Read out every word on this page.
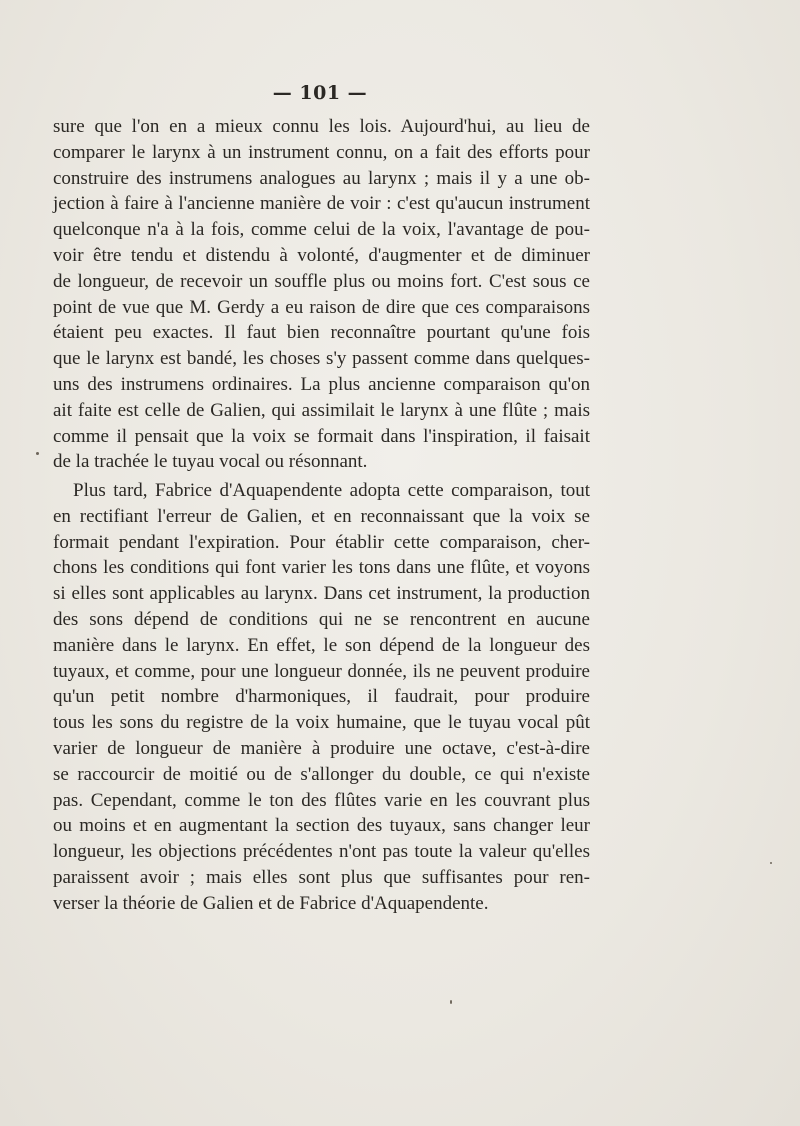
— 101 —
sure que l'on en a mieux connu les lois. Aujourd'hui, au lieu de
comparer le larynx à un instrument connu, on a fait des efforts pour
construire des instrumens analogues au larynx ; mais il y a une ob-
jection à faire à l'ancienne manière de voir : c'est qu'aucun instrument
quelconque n'a à la fois, comme celui de la voix, l'avantage de pou-
voir être tendu et distendu à volonté, d'augmenter et de diminuer
de longueur, de recevoir un souffle plus ou moins fort. C'est sous ce
point de vue que M. Gerdy a eu raison de dire que ces comparaisons
étaient peu exactes. Il faut bien reconnaître pourtant qu'une fois
que le larynx est bandé, les choses s'y passent comme dans quelques-
uns des instrumens ordinaires. La plus ancienne comparaison qu'on
ait faite est celle de Galien, qui assimilait le larynx à une flûte ; mais
comme il pensait que la voix se formait dans l'inspiration, il faisait
de la trachée le tuyau vocal ou résonnant.
Plus tard, Fabrice d'Aquapendente adopta cette comparaison, tout
en rectifiant l'erreur de Galien, et en reconnaissant que la voix se
formait pendant l'expiration. Pour établir cette comparaison, cher-
chons les conditions qui font varier les tons dans une flûte, et voyons
si elles sont applicables au larynx. Dans cet instrument, la production
des sons dépend de conditions qui ne se rencontrent en aucune
manière dans le larynx. En effet, le son dépend de la longueur des
tuyaux, et comme, pour une longueur donnée, ils ne peuvent produire
qu'un petit nombre d'harmoniques, il faudrait, pour produire
tous les sons du registre de la voix humaine, que le tuyau vocal pût
varier de longueur de manière à produire une octave, c'est-à-dire
se raccourcir de moitié ou de s'allonger du double, ce qui n'existe
pas. Cependant, comme le ton des flûtes varie en les couvrant plus
ou moins et en augmentant la section des tuyaux, sans changer leur
longueur, les objections précédentes n'ont pas toute la valeur qu'elles
paraissent avoir ; mais elles sont plus que suffisantes pour ren-
verser la théorie de Galien et de Fabrice d'Aquapendente.
